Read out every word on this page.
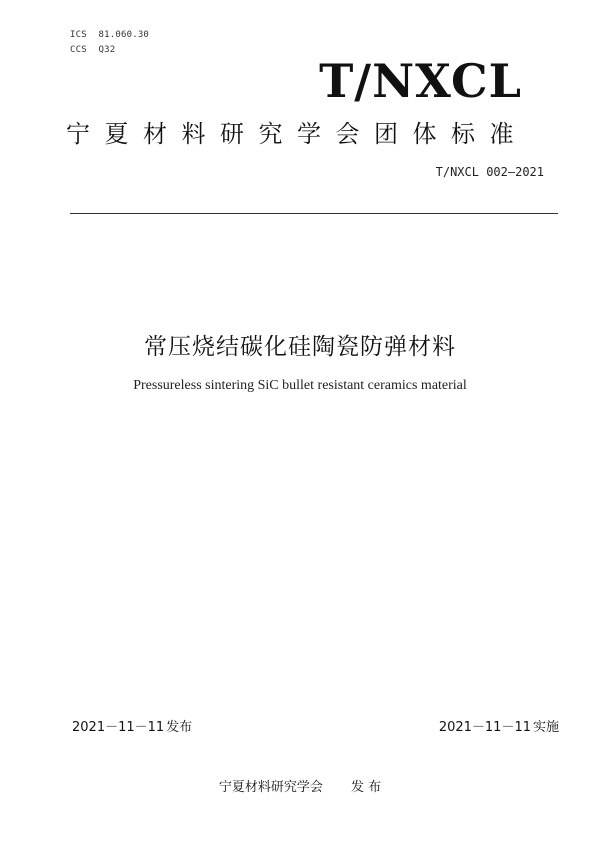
ICS 81.060.30
CCS Q32
T/NXCL
宁夏材料研究学会团体标准
T/NXCL 002—2021
常压烧结碳化硅陶瓷防弹材料
Pressureless sintering SiC bullet resistant ceramics material
2021－11－11 发布	2021－11－11 实施
宁夏材料研究学会 发 布
